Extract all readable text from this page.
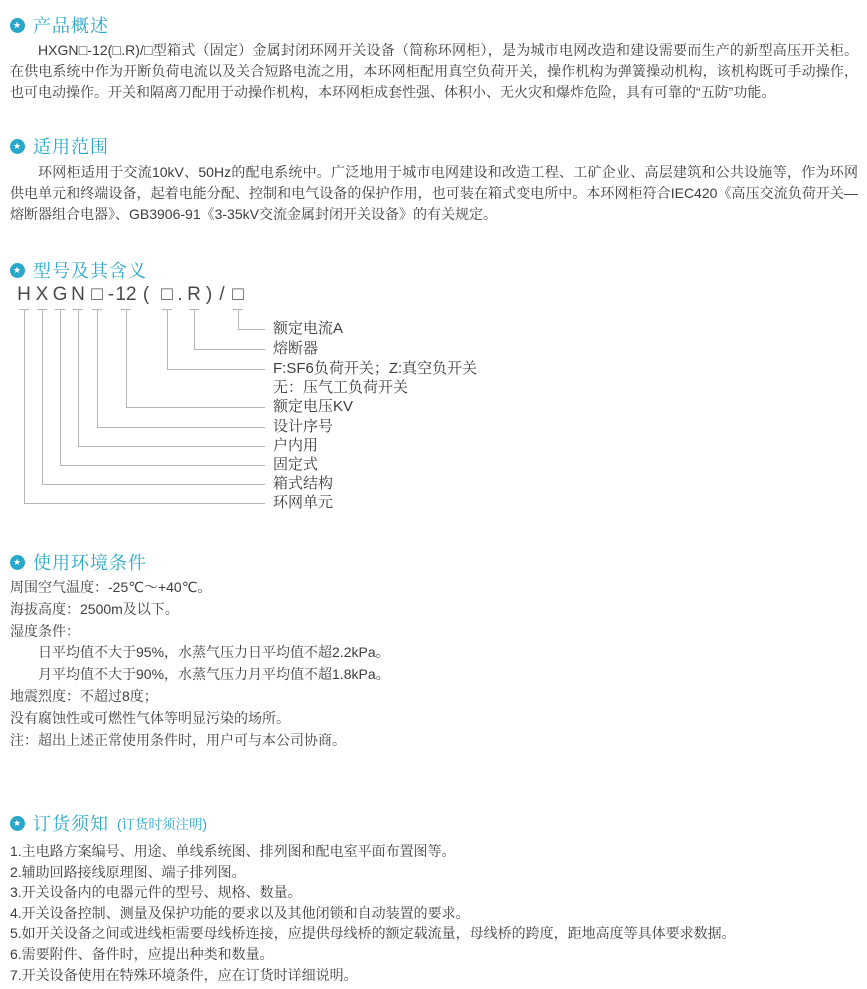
★ 产品概述
HXGN□-12(□.R)/□型箱式（固定）金属封闭环网开关设备（简称环网柜），是为城市电网改造和建设需要而生产的新型高压开关柜。在供电系统中作为开断负荷电流以及关合短路电流之用，本环网柜配用真空负荷开关，操作机构为弹簧操动机构，该机构既可手动操作，也可电动操作。开关和隔离刀配用于动操作机构，本环网柜成套性强、体积小、无火灾和爆炸危险，具有可靠的“五防”功能。
★ 适用范围
环网柜适用于交流10kV、50Hz的配电系统中。广泛地用于城市电网建设和改造工程、工矿企业、高层建筑和公共设施等，作为环网供电单元和终端设备，起着电能分配、控制和电气设备的保护作用，也可装在箱式变电所中。本环网柜符合IEC420《高压交流负荷开关—熔断器组合电器》、GB3906-91《3-35kV交流金属封闭开关设备》的有关规定。
★ 型号及其含义
H X G N □ - 12 ( □ . R ) / □
额定电流A
熔断器
F:SF6负荷开关；Z:真空负开关
无：压气工负荷开关
额定电压KV
设计序号
户内用
固定式
箱式结构
环网单元
★ 使用环境条件
周围空气温度：-25℃～+40℃。
海拔高度：2500m及以下。
湿度条件：
日平均值不大于95%，水蒸气压力日平均值不超2.2kPa。
月平均值不大于90%，水蒸气压力月平均值不超1.8kPa。
地震烈度：不超过8度；
没有腐蚀性或可燃性气体等明显污染的场所。
注：超出上述正常使用条件时，用户可与本公司协商。
★ 订货须知 (订货时须注明)
1.主电路方案编号、用途、单线系统图、排列图和配电室平面布置图等。
2.辅助回路接线原理图、端子排列图。
3.开关设备内的电器元件的型号、规格、数量。
4.开关设备控制、测量及保护功能的要求以及其他闭锁和自动装置的要求。
5.如开关设备之间或进线柜需要母线桥连接，应提供母线桥的额定载流量，母线桥的跨度，距地高度等具体要求数据。
6.需要附件、备件时，应提出种类和数量。
7.开关设备使用在特殊环境条件，应在订货时详细说明。
